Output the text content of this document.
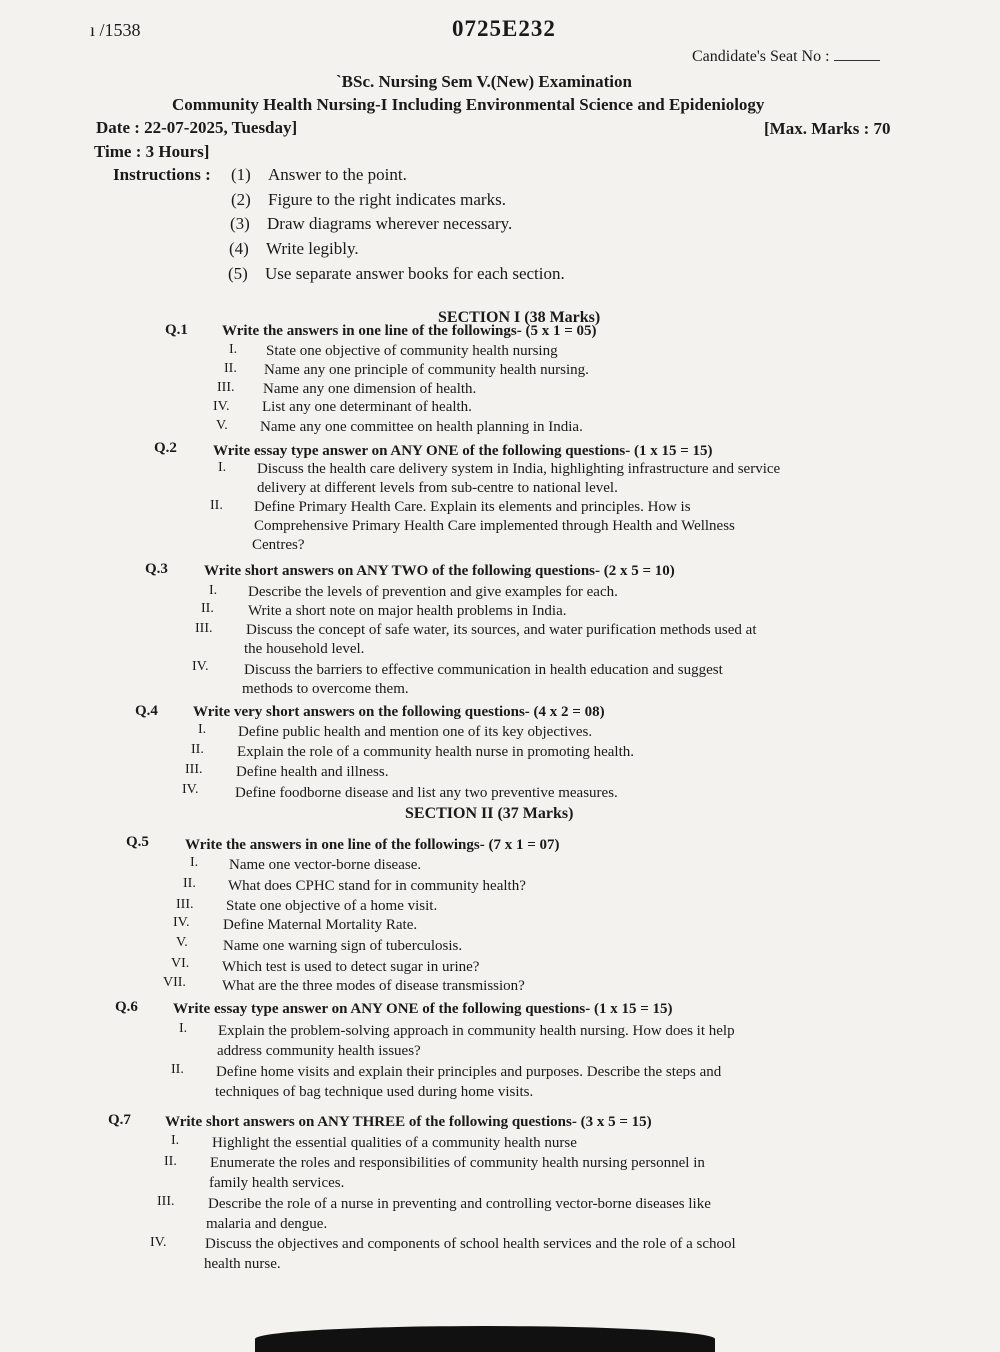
ı /1538	0725E232
Candidate's Seat No :
`BSc. Nursing Sem V.(New) Examination
Community Health Nursing-I Including Environmental Science and Epideniology
Date : 22-07-2025, Tuesday]	[Max. Marks : 70
Time : 3 Hours]
Instructions : (1) Answer to the point.
(2) Figure to the right indicates marks.
(3) Draw diagrams wherever necessary.
(4) Write legibly.
(5) Use separate answer books for each section.
SECTION I (38 Marks)
Q.1 Write the answers in one line of the followings- (5 x 1 = 05)
I. State one objective of community health nursing
II. Name any one principle of community health nursing.
III. Name any one dimension of health.
IV. List any one determinant of health.
V. Name any one committee on health planning in India.
Q.2 Write essay type answer on ANY ONE of the following questions- (1 x 15 = 15)
I. Discuss the health care delivery system in India, highlighting infrastructure and service
delivery at different levels from sub-centre to national level.
II. Define Primary Health Care. Explain its elements and principles. How is
Comprehensive Primary Health Care implemented through Health and Wellness
Centres?
Q.3 Write short answers on ANY TWO of the following questions- (2 x 5 = 10)
I. Describe the levels of prevention and give examples for each.
II. Write a short note on major health problems in India.
III. Discuss the concept of safe water, its sources, and water purification methods used at
the household level.
IV. Discuss the barriers to effective communication in health education and suggest
methods to overcome them.
Q.4 Write very short answers on the following questions- (4 x 2 = 08)
I. Define public health and mention one of its key objectives.
II. Explain the role of a community health nurse in promoting health.
III. Define health and illness.
IV. Define foodborne disease and list any two preventive measures.
SECTION II (37 Marks)
Q.5 Write the answers in one line of the followings- (7 x 1 = 07)
I. Name one vector-borne disease.
II. What does CPHC stand for in community health?
III. State one objective of a home visit.
IV. Define Maternal Mortality Rate.
V. Name one warning sign of tuberculosis.
VI. Which test is used to detect sugar in urine?
VII. What are the three modes of disease transmission?
Q.6 Write essay type answer on ANY ONE of the following questions- (1 x 15 = 15)
I. Explain the problem-solving approach in community health nursing. How does it help
address community health issues?
II. Define home visits and explain their principles and purposes. Describe the steps and
techniques of bag technique used during home visits.
Q.7 Write short answers on ANY THREE of the following questions- (3 x 5 = 15)
I. Highlight the essential qualities of a community health nurse
II. Enumerate the roles and responsibilities of community health nursing personnel in
family health services.
III. Describe the role of a nurse in preventing and controlling vector-borne diseases like
malaria and dengue.
IV.	Discuss the objectives and components of school health services and the role of a school
health nurse.
